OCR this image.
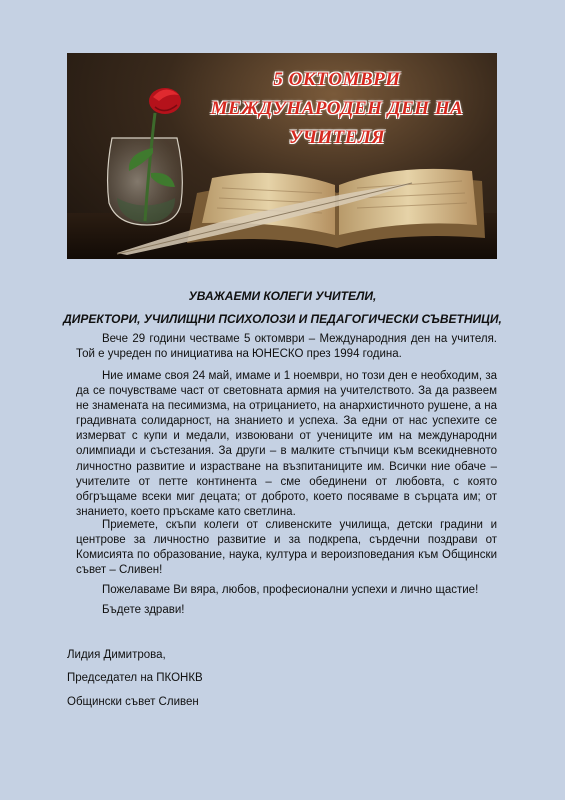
5 ОКТОМВРИ
МЕЖДУНАРОДЕН ДЕН НА
УЧИТЕЛЯ
УВАЖАЕМИ КОЛЕГИ УЧИТЕЛИ,
ДИРЕКТОРИ, УЧИЛИЩНИ ПСИХОЛОЗИ И ПЕДАГОГИЧЕСКИ СЪВЕТНИЦИ,
Вече 29 години честваме 5 октомври – Международния ден на учителя. Той е учреден по инициатива на ЮНЕСКО през 1994 година.
Ние имаме своя 24 май, имаме и 1 ноември, но този ден е необходим, за да се почувстваме част от световната армия на учителството. За да развеем не знамената на песимизма, на отрицанието, на анархистичното рушене, а на градивната солидарност, на знанието и успеха. За едни от нас успехите се измерват с купи и медали, извоювани от учениците им на международни олимпиади и състезания. За други – в малките стъпчици към всекидневното личностно развитие и израстване на възпитаниците им. Всички ние обаче – учителите от петте континента – сме обединени от любовта, с която обгръщаме всеки миг децата; от доброто, което посяваме в сърцата им; от знанието, което пръскаме като светлина.
Приемете, скъпи колеги от сливенските училища, детски градини и центрове за личностно развитие и за подкрепа, сърдечни поздрави от Комисията по образование, наука, култура и вероизповедания към Общински съвет – Сливен!
Пожелаваме Ви вяра, любов, професионални успехи и лично щастие!
Бъдете здрави!
Лидия Димитрова,
Председател на ПКОНКВ
Общински съвет Сливен
